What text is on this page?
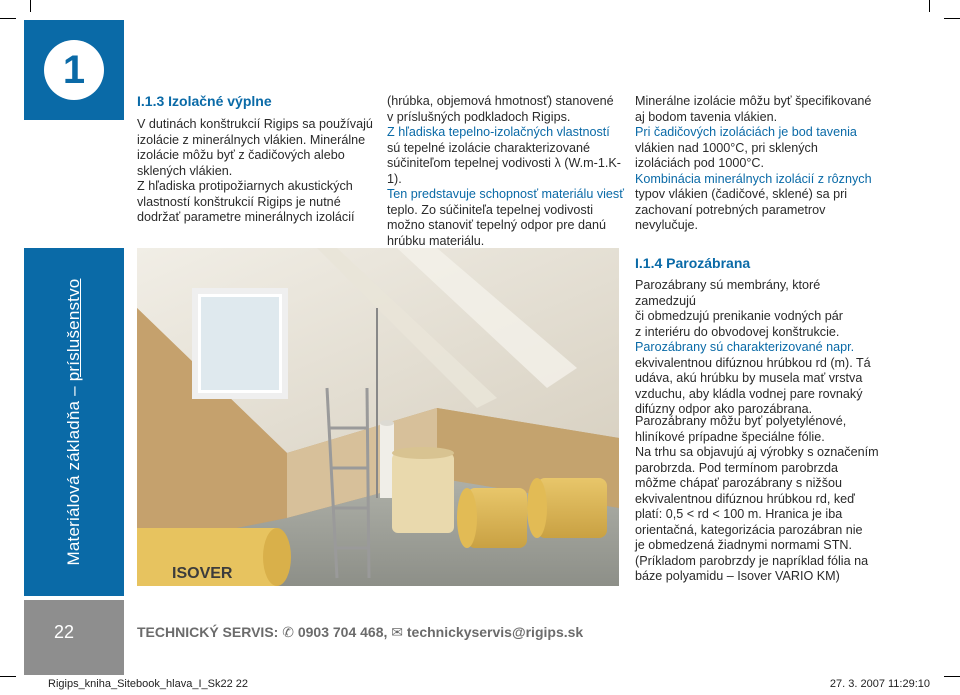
1
Materiálová základňa – príslušenstvo
22
I.1.3 Izolačné výplne

V dutinách konštrukcií Rigips sa používajú

izolácie z minerálnych vlákien. Minerálne

izolácie môžu byť z čadičových alebo

sklených vlákien.

Z hľadiska protipožiarnych akustických

vlastností konštrukcií Rigips je nutné

dodržať parametre minerálnych izolácií

(hrúbka, objemová hmotnosť) stanovené

v príslušných podkladoch Rigips.

Z hľadiska tepelno-izolačných vlastností

sú tepelné izolácie charakterizované

súčiniteľom tepelnej vodivosti λ (W.m-1.K-1).

Ten predstavuje schopnosť materiálu viesť

teplo. Zo súčiniteľa tepelnej vodivosti

možno stanoviť tepelný odpor pre danú

hrúbku materiálu.

Minerálne izolácie môžu byť špecifikované

aj bodom tavenia vlákien.

Pri čadičových izoláciách je bod tavenia

vlákien nad 1000°C, pri sklených

izoláciách pod 1000°C.

Kombinácia minerálnych izolácií z rôznych

typov vlákien (čadičové, sklené) sa pri

zachovaní potrebných parametrov

nevylučuje.

I.1.4 Parozábrana

Parozábrany sú membrány, ktoré zamedzujú

či obmedzujú prenikanie vodných pár

z interiéru do obvodovej konštrukcie.

Parozábrany sú charakterizované napr.

ekvivalentnou difúznou hrúbkou rd (m). Tá

udáva, akú hrúbku by musela mať vrstva

vzduchu, aby kládla vodnej pare rovnaký

difúzny odpor ako parozábrana.

Parozábrany môžu byť polyetylénové,

hliníkové prípadne špeciálne fólie.

Na trhu sa objavujú aj výrobky s označením

parobrzda. Pod termínom parobrzda

môžme chápať parozábrany s nižšou

ekvivalentnou difúznou hrúbkou rd, keď

platí: 0,5 < rd < 100 m. Hranica je iba

orientačná, kategorizácia parozábran nie

je obmedzená žiadnymi normami STN.

(Príkladom parobrzdy je napríklad fólia na

báze polyamidu – Isover VARIO KM)

ISOVER
TECHNICKÝ SERVIS: ✆ 0903 704 468, ✉ technickyservis@rigips.sk
Rigips_kniha_Sitebook_hlava_I_Sk22 22	27. 3. 2007 11:29:10
